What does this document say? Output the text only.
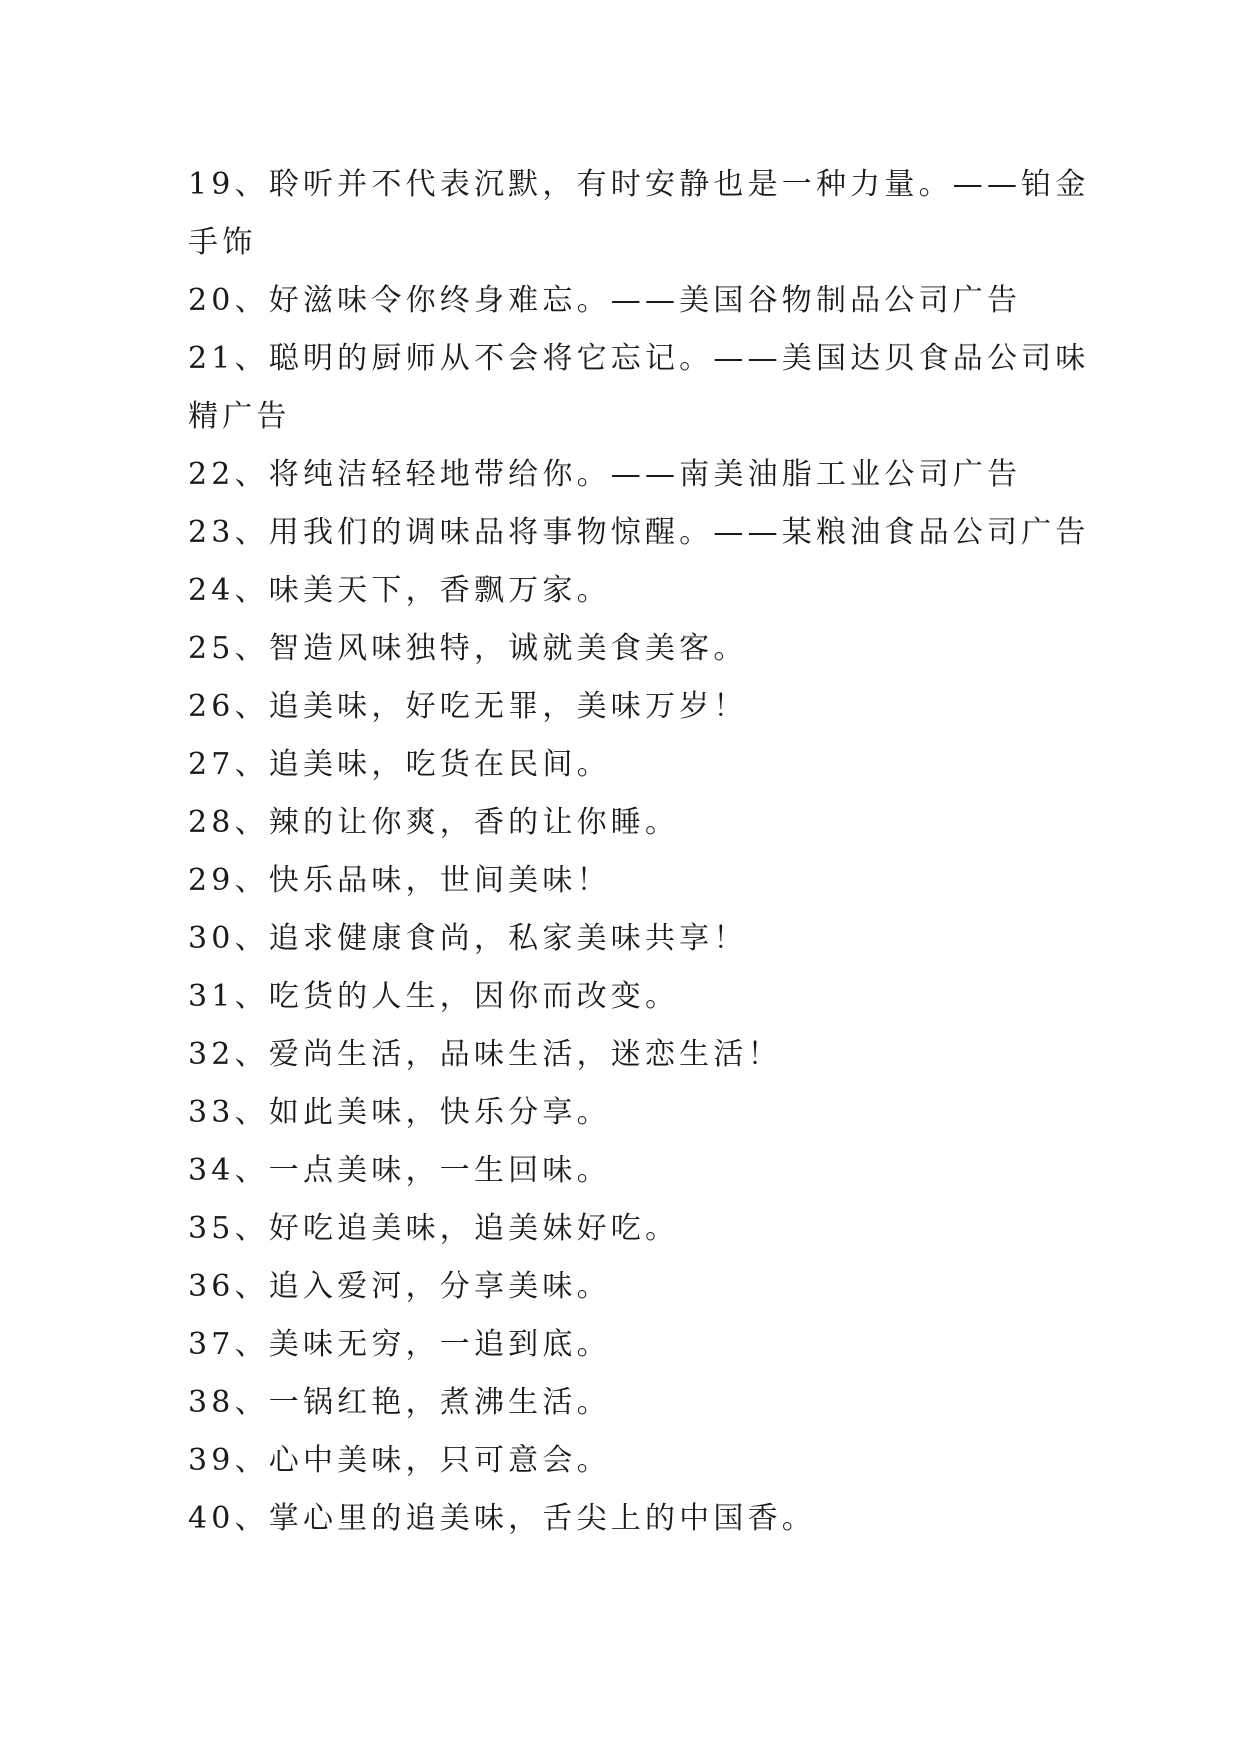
19、聆听并不代表沉默，有时安静也是一种力量。——铂金

手饰

20、好滋味令你终身难忘。——美国谷物制品公司广告

21、聪明的厨师从不会将它忘记。——美国达贝食品公司味

精广告

22、将纯洁轻轻地带给你。——南美油脂工业公司广告

23、用我们的调味品将事物惊醒。——某粮油食品公司广告

24、味美天下，香飘万家。

25、智造风味独特，诚就美食美客。

26、追美味，好吃无罪，美味万岁！

27、追美味，吃货在民间。

28、辣的让你爽，香的让你睡。

29、快乐品味，世间美味！

30、追求健康食尚，私家美味共享！

31、吃货的人生，因你而改变。

32、爱尚生活，品味生活，迷恋生活！

33、如此美味，快乐分享。

34、一点美味，一生回味。

35、好吃追美味，追美妹好吃。

36、追入爱河，分享美味。

37、美味无穷，一追到底。

38、一锅红艳，煮沸生活。

39、心中美味，只可意会。

40、掌心里的追美味，舌尖上的中国香。
